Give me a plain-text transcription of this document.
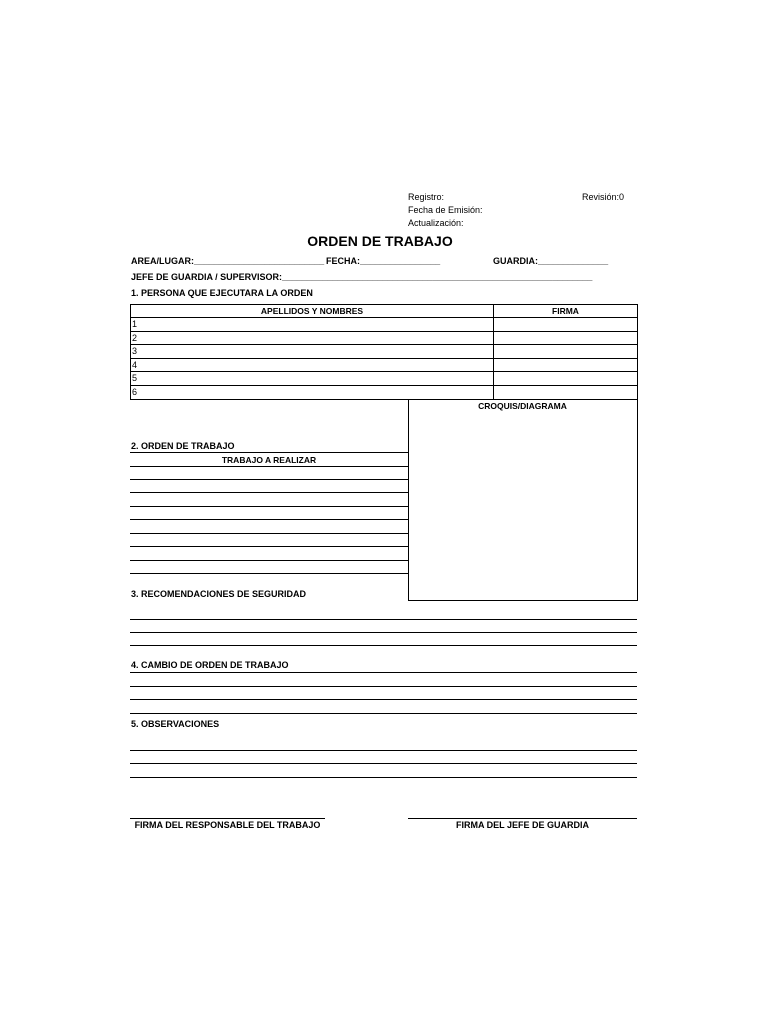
Registro:	Revisión:0
Fecha de Emisión:
Actualización:
ORDEN DE TRABAJO
AREA/LUGAR:__________________________ FECHA:________________	GUARDIA:______________
JEFE DE GUARDIA / SUPERVISOR:______________________________________________________________
1. PERSONA QUE EJECUTARA LA ORDEN
APELLIDOS Y NOMBRES	FIRMA
1
2
3
4
5
6
CROQUIS/DIAGRAMA
2. ORDEN DE TRABAJO
TRABAJO A REALIZAR
3. RECOMENDACIONES DE SEGURIDAD
4. CAMBIO DE ORDEN DE TRABAJO
5. OBSERVACIONES
FIRMA DEL RESPONSABLE DEL TRABAJO	FIRMA DEL JEFE DE GUARDIA
